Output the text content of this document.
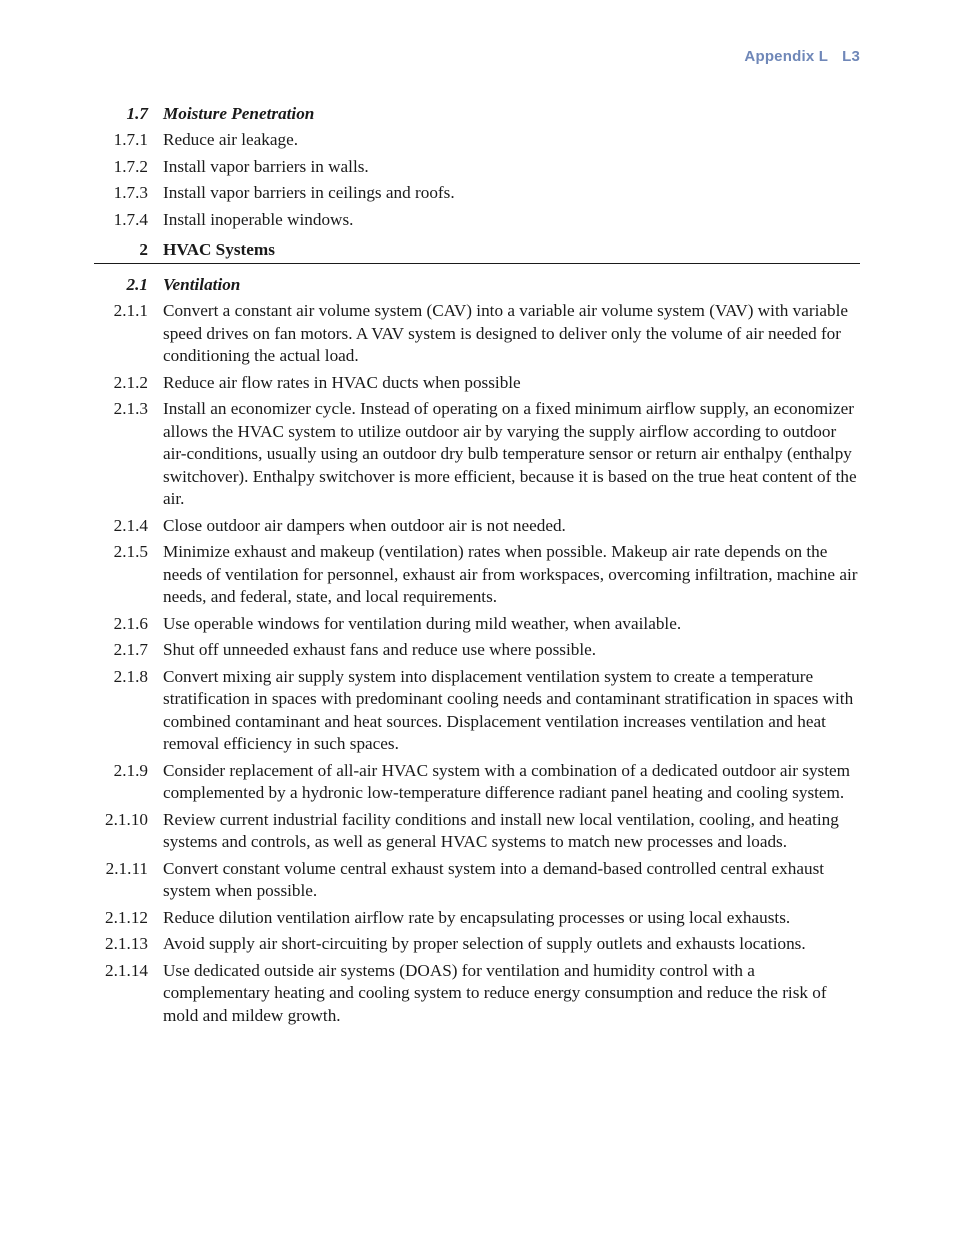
Appendix L L3
1.7 Moisture Penetration
1.7.1 Reduce air leakage.
1.7.2 Install vapor barriers in walls.
1.7.3 Install vapor barriers in ceilings and roofs.
1.7.4 Install inoperable windows.
2 HVAC Systems
2.1 Ventilation
2.1.1 Convert a constant air volume system (CAV) into a variable air volume system (VAV) with variable speed drives on fan motors. A VAV system is designed to deliver only the volume of air needed for conditioning the actual load.
2.1.2 Reduce air flow rates in HVAC ducts when possible
2.1.3 Install an economizer cycle. Instead of operating on a fixed minimum airflow supply, an economizer allows the HVAC system to utilize outdoor air by varying the supply airflow according to outdoor air-conditions, usually using an outdoor dry bulb temperature sensor or return air enthalpy (enthalpy switchover). Enthalpy switchover is more efficient, because it is based on the true heat content of the air.
2.1.4 Close outdoor air dampers when outdoor air is not needed.
2.1.5 Minimize exhaust and makeup (ventilation) rates when possible. Makeup air rate depends on the needs of ventilation for personnel, exhaust air from workspaces, overcoming infiltration, machine air needs, and federal, state, and local requirements.
2.1.6 Use operable windows for ventilation during mild weather, when available.
2.1.7 Shut off unneeded exhaust fans and reduce use where possible.
2.1.8 Convert mixing air supply system into displacement ventilation system to create a temperature stratification in spaces with predominant cooling needs and contaminant stratification in spaces with combined contaminant and heat sources. Displacement ventilation increases ventilation and heat removal efficiency in such spaces.
2.1.9 Consider replacement of all-air HVAC system with a combination of a dedicated outdoor air system complemented by a hydronic low-temperature difference radiant panel heating and cooling system.
2.1.10 Review current industrial facility conditions and install new local ventilation, cooling, and heating systems and controls, as well as general HVAC systems to match new processes and loads.
2.1.11 Convert constant volume central exhaust system into a demand-based controlled central exhaust system when possible.
2.1.12 Reduce dilution ventilation airflow rate by encapsulating processes or using local exhausts.
2.1.13 Avoid supply air short-circuiting by proper selection of supply outlets and exhausts locations.
2.1.14 Use dedicated outside air systems (DOAS) for ventilation and humidity control with a complementary heating and cooling system to reduce energy consumption and reduce the risk of mold and mildew growth.
